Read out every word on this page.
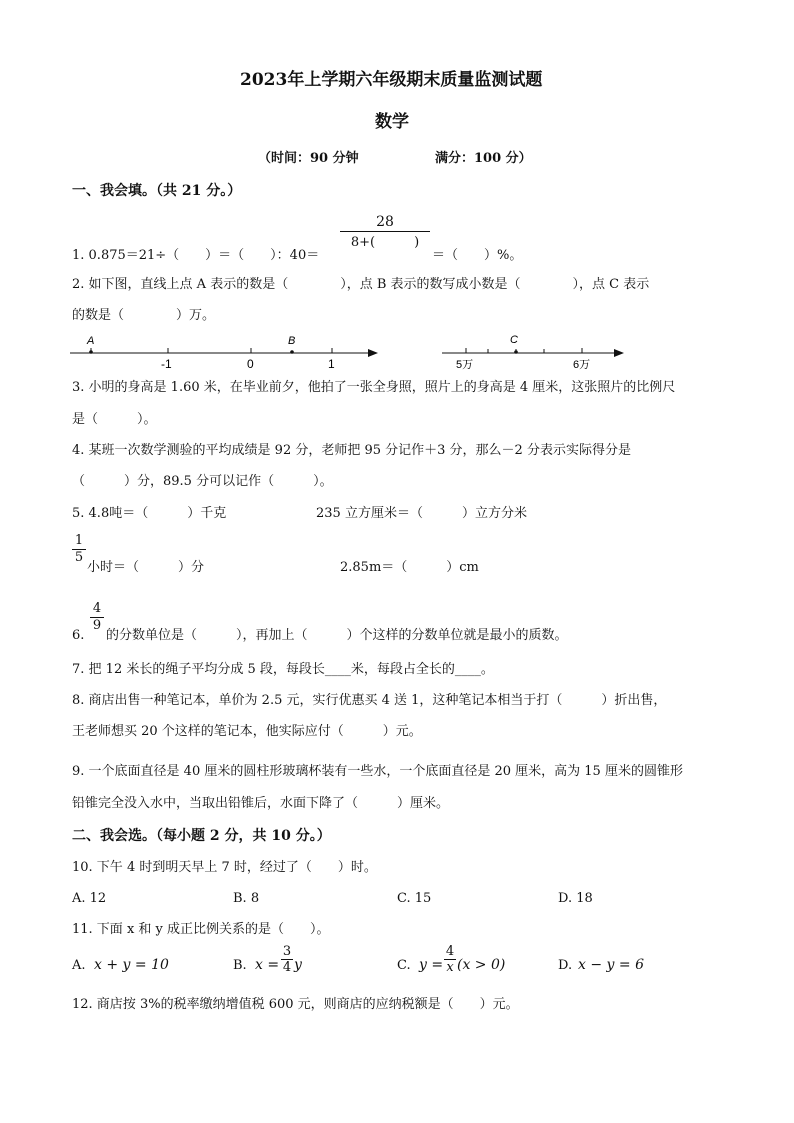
2023年上学期六年级期末质量监测试题
数学
（时间：90 分钟	满分：100 分）
一、我会填。（共 21 分。）
1. 0.875＝21÷（　　）＝（　　）：40＝
$\frac{28}{8+( )}$
＝（　　）%。
2. 如下图，直线上点 A 表示的数是（　　　　），点 B 表示的数写成小数是（　　　　），点 C 表示
的数是（　　　　）万。
A	B
-1	0	1
C
5万	6万
3. 小明的身高是 1.60 米，在毕业前夕，他拍了一张全身照，照片上的身高是 4 厘米，这张照片的比例尺
是（　　　）。
4. 某班一次数学测验的平均成绩是 92 分，老师把 95 分记作＋3 分，那么－2 分表示实际得分是
（　　　）分，89.5 分可以记作（　　　）。
5. 4.8吨＝（　　　）千克	235 立方厘米＝（　　　）立方分米
$\frac{1}{5}$
小时＝（　　　）分	2.85m＝（　　　）cm
6.
$\frac{4}{9}$
的分数单位是（　　　），再加上（　　　）个这样的分数单位就是最小的质数。
7. 把 12 米长的绳子平均分成 5 段，每段长____米，每段占全长的____。
8. 商店出售一种笔记本，单价为 2.5 元，实行优惠买 4 送 1，这种笔记本相当于打（　　　）折出售，
王老师想买 20 个这样的笔记本，他实际应付（　　　）元。
9. 一个底面直径是 40 厘米的圆柱形玻璃杯装有一些水，一个底面直径是 20 厘米，高为 15 厘米的圆锥形
铅锥完全没入水中，当取出铅锥后，水面下降了（　　　）厘米。
二、我会选。（每小题 2 分，共 10 分。）
10. 下午 4 时到明天早上 7 时，经过了（　　）时。
A. 12	B. 8	C. 15	D. 18
11. 下面 x 和 y 成正比例关系的是（　　）。
A. x + y = 10	B. $x = \frac{3}{4}$ y	C. $y = \frac{4}{x} (x > 0)$	D. x − y = 6
12. 商店按 3%的税率缴纳增值税 600 元，则商店的应纳税额是（　　）元。
